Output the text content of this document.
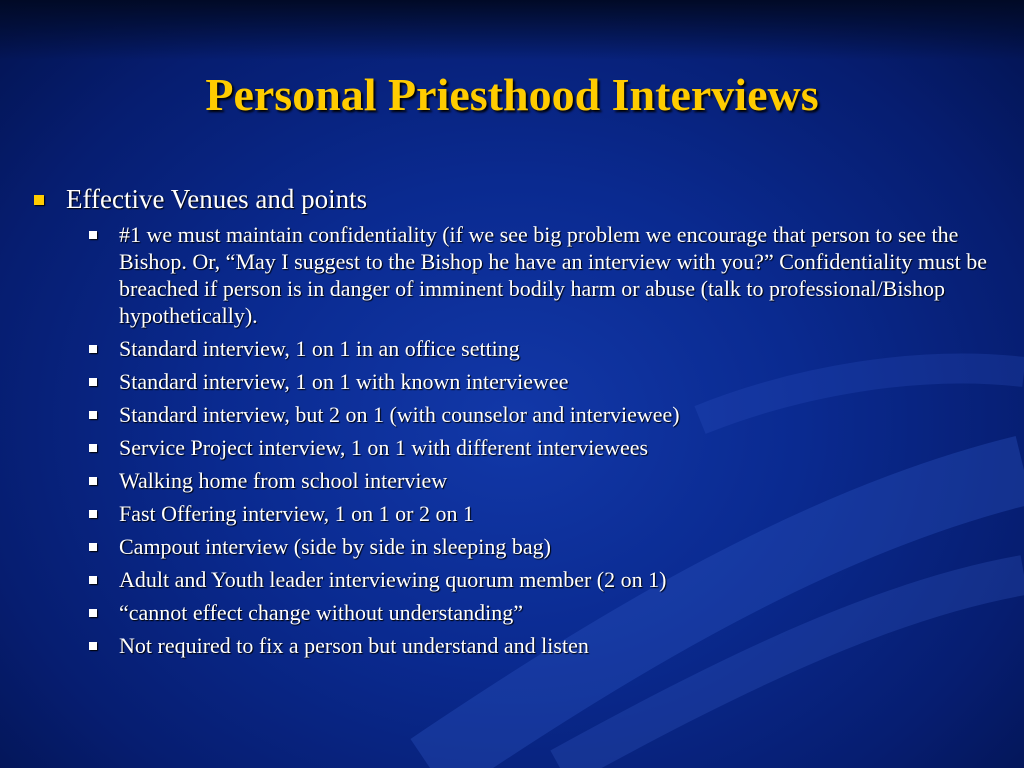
Personal Priesthood Interviews
Effective Venues and points
#1 we must maintain confidentiality (if we see big problem we encourage that person to see the Bishop. Or, “May I suggest to the Bishop he have an interview with you?” Confidentiality must be breached if person is in danger of imminent bodily harm or abuse (talk to professional/Bishop hypothetically).
Standard interview, 1 on 1 in an office setting
Standard interview, 1 on 1 with known interviewee
Standard interview, but 2 on 1 (with counselor and interviewee)
Service Project interview, 1 on 1 with different interviewees
Walking home from school interview
Fast Offering interview, 1 on 1 or 2 on 1
Campout interview (side by side in sleeping bag)
Adult and Youth leader interviewing quorum member (2 on 1)
“cannot effect change without understanding”
Not required to fix a person but understand and listen
